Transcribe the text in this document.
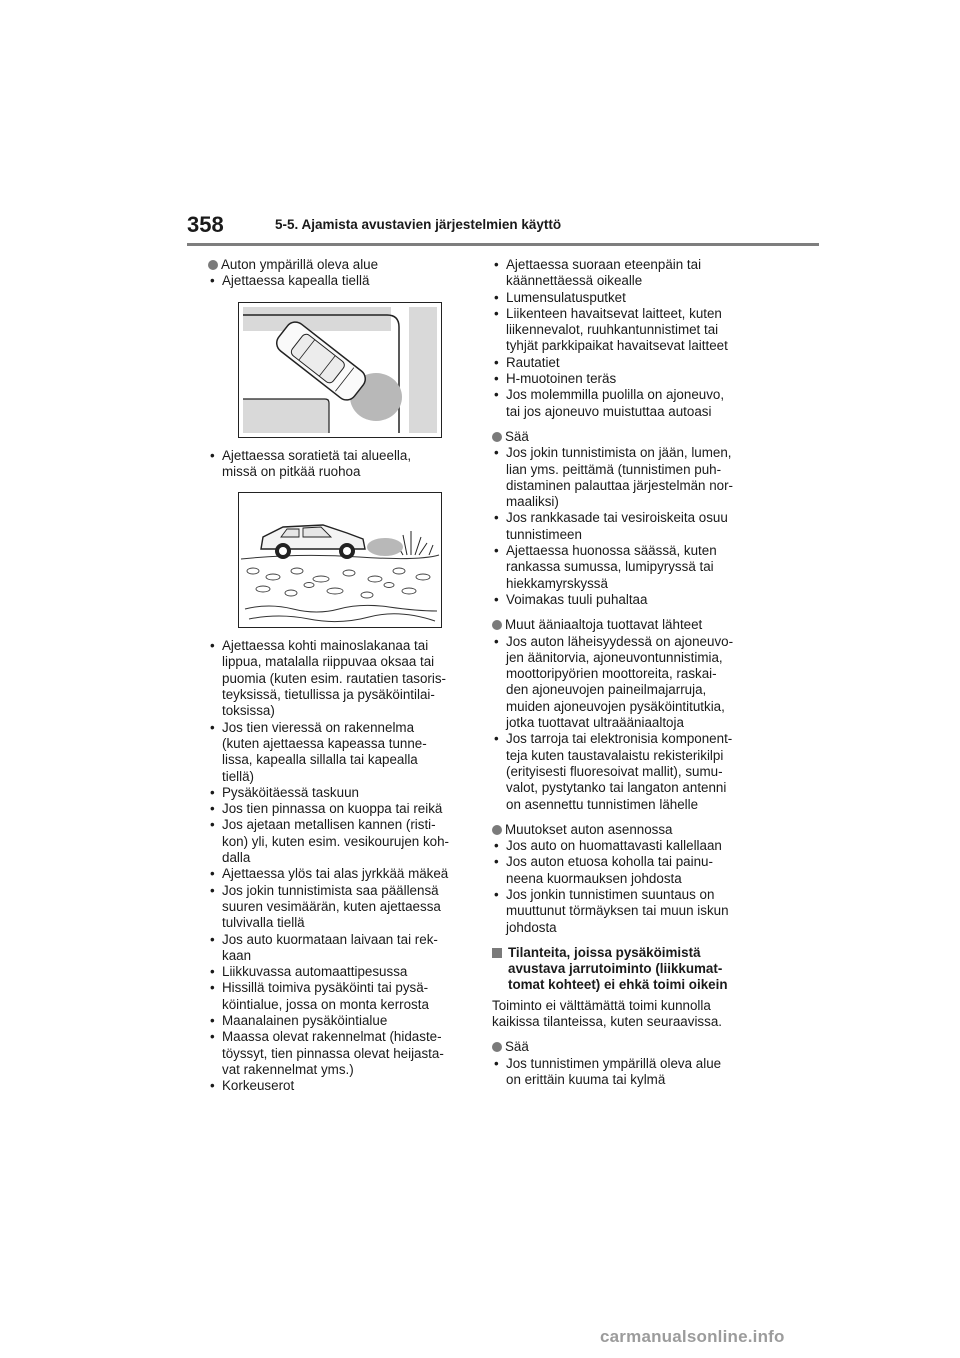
358	5-5. Ajamista avustavien järjestelmien käyttö
Auton ympärillä oleva alue
• Ajettaessa kapealla tiellä
• Ajettaessa soratietä tai alueella,
missä on pitkää ruohoa
• Ajettaessa kohti mainoslakanaa tai
lippua, matalalla riippuvaa oksaa tai
puomia (kuten esim. rautatien tasoris-
teyksissä, tietullissa ja pysäköintilai-
toksissa)
• Jos tien vieressä on rakennelma
(kuten ajettaessa kapeassa tunne-
lissa, kapealla sillalla tai kapealla
tiellä)
• Pysäköitäessä taskuun
• Jos tien pinnassa on kuoppa tai reikä
• Jos ajetaan metallisen kannen (risti-
kon) yli, kuten esim. vesikourujen koh-
dalla
• Ajettaessa ylös tai alas jyrkkää mäkeä
• Jos jokin tunnistimista saa päällensä
suuren vesimäärän, kuten ajettaessa
tulvivalla tiellä
• Jos auto kuormataan laivaan tai rek-
kaan
• Liikkuvassa automaattipesussa
• Hissillä toimiva pysäköinti tai pysä-
köintialue, jossa on monta kerrosta
• Maanalainen pysäköintialue
• Maassa olevat rakennelmat (hidaste-
töyssyt, tien pinnassa olevat heijasta-
vat rakennelmat yms.)
• Korkeuserot
• Ajettaessa suoraan eteenpäin tai
käännettäessä oikealle
• Lumensulatusputket
• Liikenteen havaitsevat laitteet, kuten
liikennevalot, ruuhkantunnistimet tai
tyhjät parkkipaikat havaitsevat laitteet
• Rautatiet
• H-muotoinen teräs
• Jos molemmilla puolilla on ajoneuvo,
tai jos ajoneuvo muistuttaa autoasi
Sää
• Jos jokin tunnistimista on jään, lumen,
lian yms. peittämä (tunnistimen puh-
distaminen palauttaa järjestelmän nor-
maaliksi)
• Jos rankkasade tai vesiroiskeita osuu
tunnistimeen
• Ajettaessa huonossa säässä, kuten
rankassa sumussa, lumipyryssä tai
hiekkamyrskyssä
• Voimakas tuuli puhaltaa
Muut ääniaaltoja tuottavat lähteet
• Jos auton läheisyydessä on ajoneuvo-
jen äänitorvia, ajoneuvontunnistimia,
moottoripyörien moottoreita, raskai-
den ajoneuvojen paineilmajarruja,
muiden ajoneuvojen pysäköintitutkia,
jotka tuottavat ultraääniaaltoja
• Jos tarroja tai elektronisia komponent-
teja kuten taustavalaistu rekisterikilpi
(erityisesti fluoresoivat mallit), sumu-
valot, pystytanko tai langaton antenni
on asennettu tunnistimen lähelle
Muutokset auton asennossa
• Jos auto on huomattavasti kallellaan
• Jos auton etuosa koholla tai painu-
neena kuormauksen johdosta
• Jos jonkin tunnistimen suuntaus on
muuttunut törmäyksen tai muun iskun
johdosta
Tilanteita, joissa pysäköimistä
avustava jarrutoiminto (liikkumat-
tomat kohteet) ei ehkä toimi oikein
Toiminto ei välttämättä toimi kunnolla
kaikissa tilanteissa, kuten seuraavissa.
Sää
• Jos tunnistimen ympärillä oleva alue
on erittäin kuuma tai kylmä
carmanualsonline.info
